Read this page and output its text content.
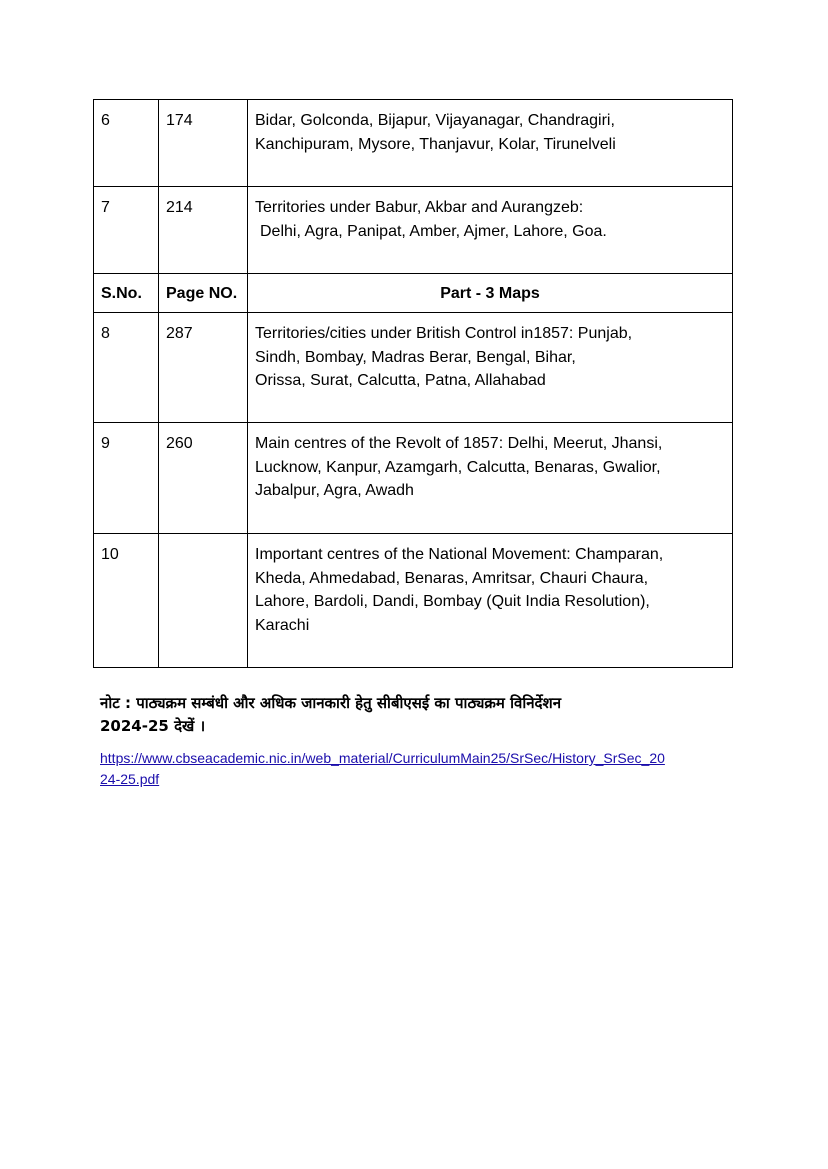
6	174	Bidar, Golconda, Bijapur, Vijayanagar, Chandragiri,
Kanchipuram, Mysore, Thanjavur, Kolar, Tirunelveli

7	214	Territories under Babur, Akbar and Aurangzeb:
Delhi, Agra, Panipat, Amber, Ajmer, Lahore, Goa.

S.No.	Page NO.	Part - 3 Maps
8	287	Territories/cities under British Control in1857: Punjab,
Sindh, Bombay, Madras Berar, Bengal, Bihar,
Orissa, Surat, Calcutta, Patna, Allahabad

9	260	Main centres of the Revolt of 1857: Delhi, Meerut, Jhansi,
Lucknow, Kanpur, Azamgarh, Calcutta, Benaras, Gwalior,
Jabalpur, Agra, Awadh

10		Important centres of the National Movement: Champaran,
Kheda, Ahmedabad, Benaras, Amritsar, Chauri Chaura,
Lahore, Bardoli, Dandi, Bombay (Quit India Resolution),
Karachi
नोट : पाठ्यक्रम सम्बंधी और अधिक जानकारी हेतु सीबीएसई का पाठ्यक्रम विनिर्देशन
2024-25 देखें ।
https://www.cbseacademic.nic.in/web_material/CurriculumMain25/SrSec/History_SrSec_20
24-25.pdf
